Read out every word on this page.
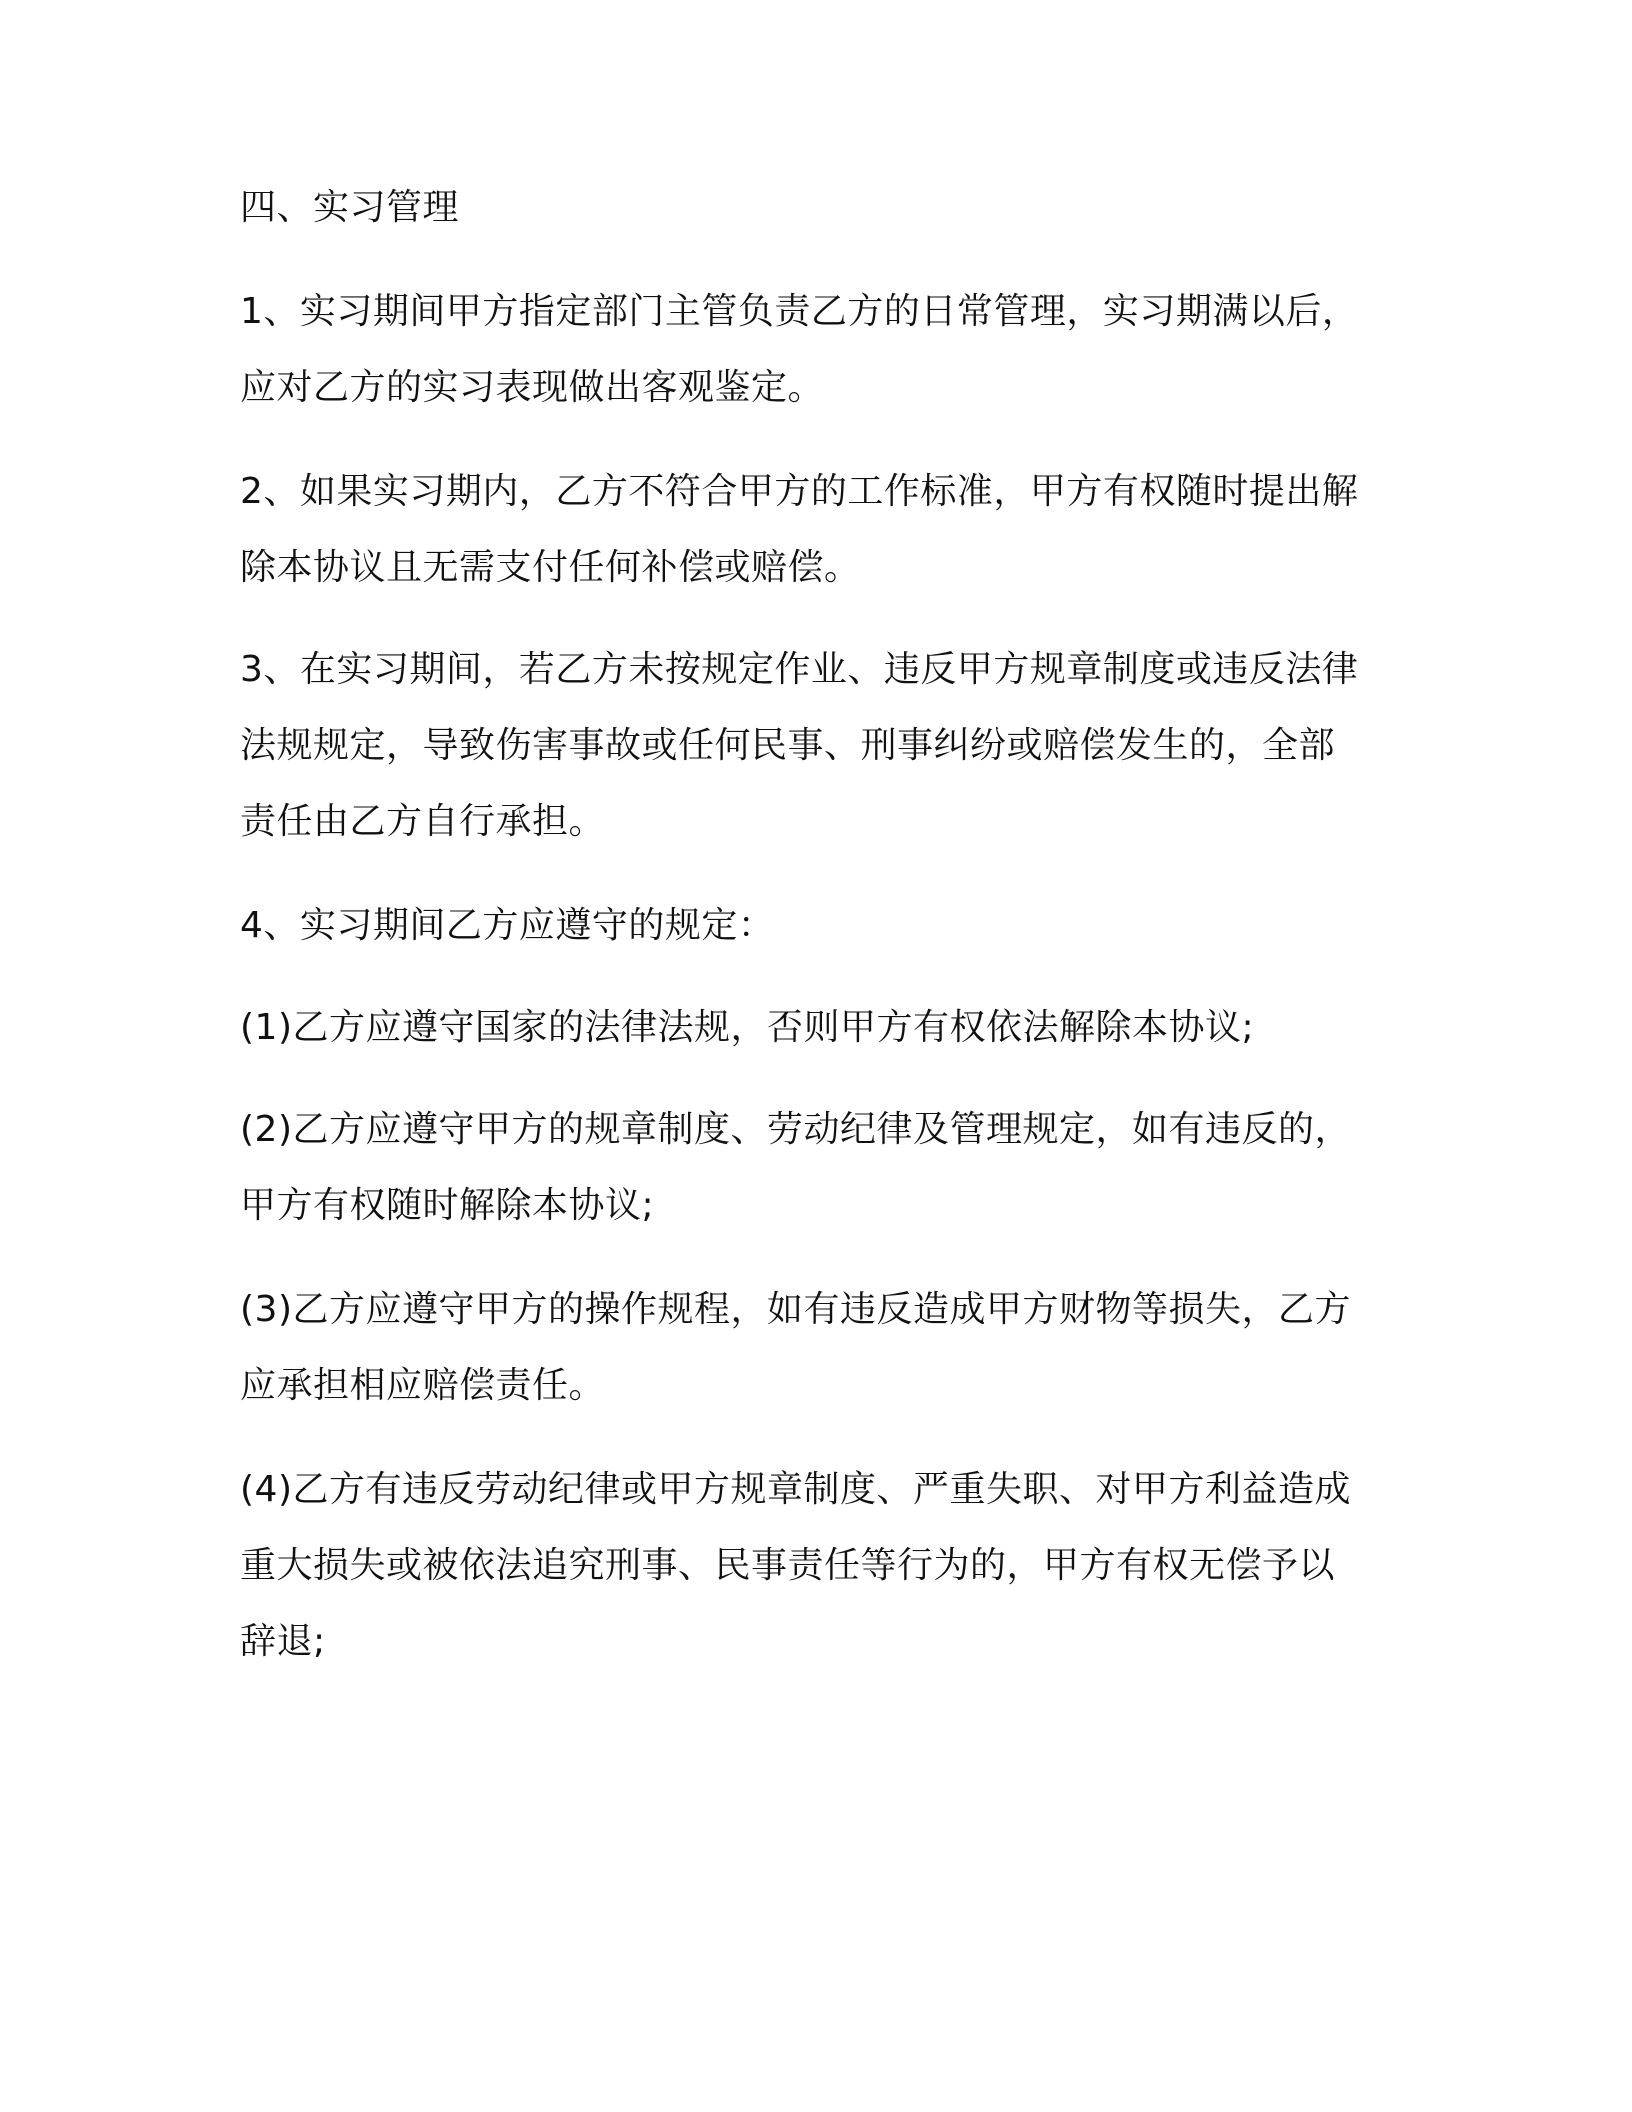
四、实习管理
1、实习期间甲方指定部门主管负责乙方的日常管理，实习期满以后，
应对乙方的实习表现做出客观鉴定。
2、如果实习期内，乙方不符合甲方的工作标准，甲方有权随时提出解
除本协议且无需支付任何补偿或赔偿。
3、在实习期间，若乙方未按规定作业、违反甲方规章制度或违反法律
法规规定，导致伤害事故或任何民事、刑事纠纷或赔偿发生的，全部
责任由乙方自行承担。
4、实习期间乙方应遵守的规定：
(1)乙方应遵守国家的法律法规，否则甲方有权依法解除本协议;
(2)乙方应遵守甲方的规章制度、劳动纪律及管理规定，如有违反的，
甲方有权随时解除本协议;
(3)乙方应遵守甲方的操作规程，如有违反造成甲方财物等损失，乙方
应承担相应赔偿责任。
(4)乙方有违反劳动纪律或甲方规章制度、严重失职、对甲方利益造成
重大损失或被依法追究刑事、民事责任等行为的，甲方有权无偿予以
辞退;
